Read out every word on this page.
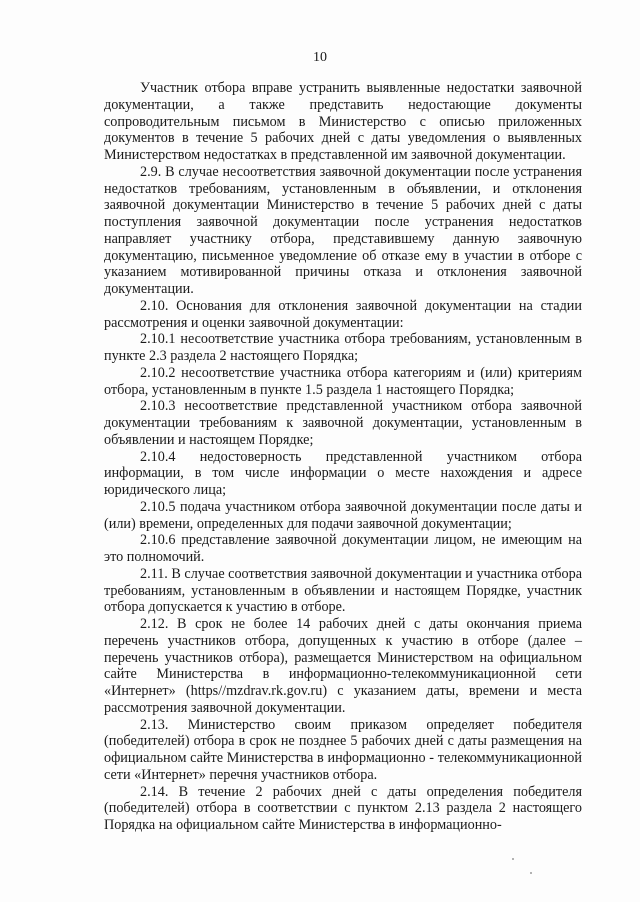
10

Участник отбора вправе устранить выявленные недостатки заявочной документации, а также представить недостающие документы сопроводительным письмом в Министерство с описью приложенных документов в течение 5 рабочих дней с даты уведомления о выявленных Министерством недостатках в представленной им заявочной документации.

2.9. В случае несоответствия заявочной документации после устранения недостатков требованиям, установленным в объявлении, и отклонения заявочной документации Министерство в течение 5 рабочих дней с даты поступления заявочной документации после устранения недостатков направляет участнику отбора, представившему данную заявочную документацию, письменное уведомление об отказе ему в участии в отборе с указанием мотивированной причины отказа и отклонения заявочной документации.

2.10. Основания для отклонения заявочной документации на стадии рассмотрения и оценки заявочной документации:

2.10.1 несоответствие участника отбора требованиям, установленным в пункте 2.3 раздела 2 настоящего Порядка;

2.10.2 несоответствие участника отбора категориям и (или) критериям отбора, установленным в пункте 1.5 раздела 1 настоящего Порядка;

2.10.3 несоответствие представленной участником отбора заявочной документации требованиям к заявочной документации, установленным в объявлении и настоящем Порядке;

2.10.4 недостоверность представленной участником отбора информации, в том числе информации о месте нахождения и адресе юридического лица;

2.10.5 подача участником отбора заявочной документации после даты и (или) времени, определенных для подачи заявочной документации;

2.10.6 представление заявочной документации лицом, не имеющим на это полномочий.

2.11. В случае соответствия заявочной документации и участника отбора требованиям, установленным в объявлении и настоящем Порядке, участник отбора допускается к участию в отборе.

2.12. В срок не более 14 рабочих дней с даты окончания приема перечень участников отбора, допущенных к участию в отборе (далее – перечень участников отбора), размещается Министерством на официальном сайте Министерства в информационно-телекоммуникационной сети «Интернет» (https//mzdrav.rk.gov.ru) с указанием даты, времени и места рассмотрения заявочной документации.

2.13. Министерство своим приказом определяет победителя (победителей) отбора в срок не позднее 5 рабочих дней с даты размещения на официальном сайте Министерства в информационно - телекоммуникационной сети «Интернет» перечня участников отбора.

2.14. В течение 2 рабочих дней с даты определения победителя (победителей) отбора в соответствии с пунктом 2.13 раздела 2 настоящего Порядка на официальном сайте Министерства в информационно-
